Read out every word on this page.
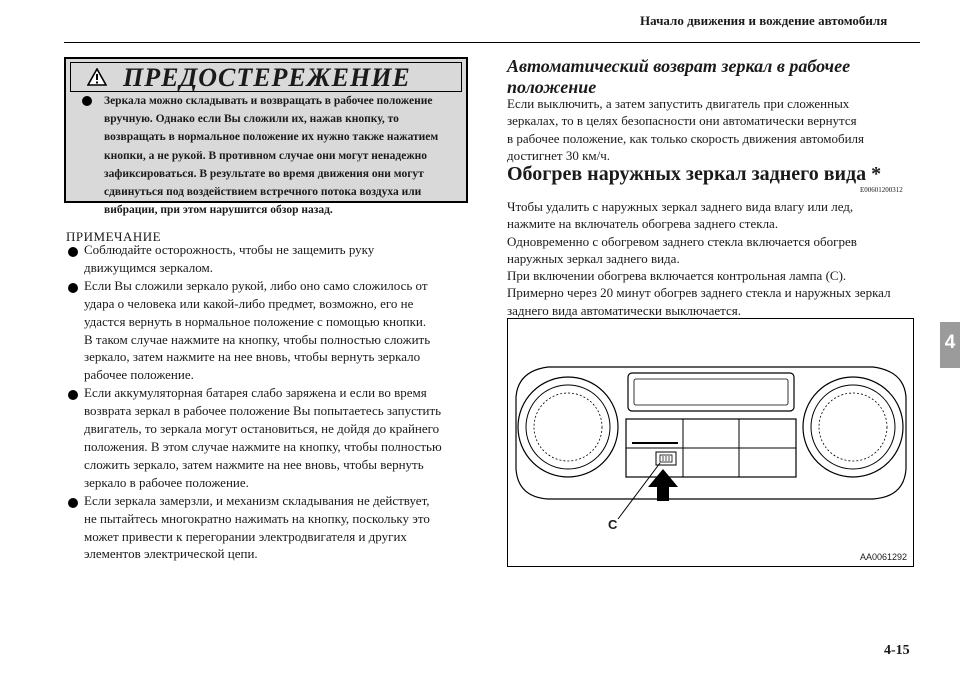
Начало движения и вождение автомобиля
4
ПРЕДОСТЕРЕЖЕНИЕ
Зеркала можно складывать и возвращать в рабочее положение
вручную. Однако если Вы сложили их, нажав кнопку, то
возвращать в нормальное положение их нужно также нажатием
кнопки, а не рукой. В противном случае они могут ненадежно
зафиксироваться. В результате во время движения они могут
сдвинуться под воздействием встречного потока воздуха или
вибрации, при этом нарушится обзор назад.
ПРИМЕЧАНИЕ
Соблюдайте осторожность, чтобы не защемить руку
движущимся зеркалом.
Если Вы сложили зеркало рукой, либо оно само сложилось от
удара о человека или какой-либо предмет, возможно, его не
удастся вернуть в нормальное положение с помощью кнопки.
В таком случае нажмите на кнопку, чтобы полностью сложить
зеркало, затем нажмите на нее вновь, чтобы вернуть зеркало
рабочее положение.
Если аккумуляторная батарея слабо заряжена и если во время
возврата зеркал в рабочее положение Вы попытаетесь запустить
двигатель, то зеркала могут остановиться, не дойдя до крайнего
положения. В этом случае нажмите на кнопку, чтобы полностью
сложить зеркало, затем нажмите на нее вновь, чтобы вернуть
зеркало в рабочее положение.
Если зеркала замерзли, и механизм складывания не действует,
не пытайтесь многократно нажимать на кнопку, поскольку это
может привести к перегорании электродвигателя и других
элементов электрической цепи.
Автоматический возврат зеркал в рабочее
положение
Если выключить, а затем запустить двигатель при сложенных
зеркалах, то в целях безопасности они автоматически вернутся
в рабочее положение, как только скорость движения автомобиля
достигнет 30 км/ч.
Обогрев наружных зеркал заднего вида *
E00601200312
Чтобы удалить с наружных зеркал заднего вида влагу или лед,
нажмите на включатель обогрева заднего стекла.
Одновременно с обогревом заднего стекла включается обогрев
наружных зеркал заднего вида.
При включении обогрева включается контрольная лампа (C).
Примерно через 20 минут обогрев заднего стекла и наружных зеркал
заднего вида автоматически выключается.
C
AA0061292
4-15
